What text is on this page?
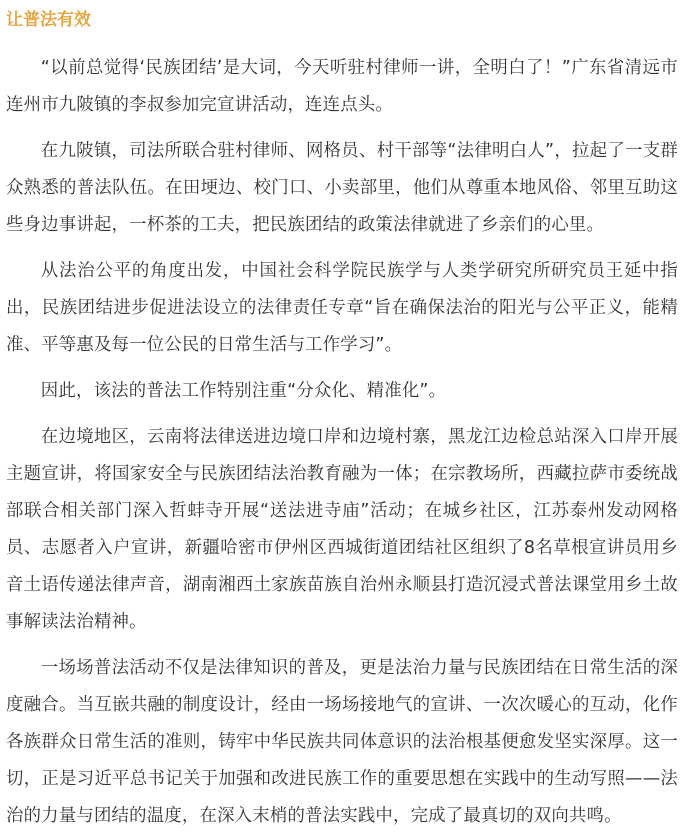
让普法有效

“以前总觉得‘民族团结’是大词，今天听驻村律师一讲，全明白了！”广东省清远市连州市九陂镇的李叔参加完宣讲活动，连连点头。

在九陂镇，司法所联合驻村律师、网格员、村干部等“法律明白人”，拉起了一支群众熟悉的普法队伍。在田埂边、校门口、小卖部里，他们从尊重本地风俗、邻里互助这些身边事讲起，一杯茶的工夫，把民族团结的政策法律就进了乡亲们的心里。

从法治公平的角度出发，中国社会科学院民族学与人类学研究所研究员王延中指出，民族团结进步促进法设立的法律责任专章“旨在确保法治的阳光与公平正义，能精准、平等惠及每一位公民的日常生活与工作学习”。

因此，该法的普法工作特别注重“分众化、精准化”。

在边境地区，云南将法律送进边境口岸和边境村寨，黑龙江边检总站深入口岸开展主题宣讲，将国家安全与民族团结法治教育融为一体；在宗教场所，西藏拉萨市委统战部联合相关部门深入哲蚌寺开展“送法进寺庙”活动；在城乡社区，江苏泰州发动网格员、志愿者入户宣讲，新疆哈密市伊州区西城街道团结社区组织了8名草根宣讲员用乡音土语传递法律声音，湖南湘西土家族苗族自治州永顺县打造沉浸式普法课堂用乡土故事解读法治精神。

一场场普法活动不仅是法律知识的普及，更是法治力量与民族团结在日常生活的深度融合。当互嵌共融的制度设计，经由一场场接地气的宣讲、一次次暖心的互动，化作各族群众日常生活的准则，铸牢中华民族共同体意识的法治根基便愈发坚实深厚。这一切，正是习近平总书记关于加强和改进民族工作的重要思想在实践中的生动写照——法治的力量与团结的温度，在深入末梢的普法实践中，完成了最真切的双向共鸣。
